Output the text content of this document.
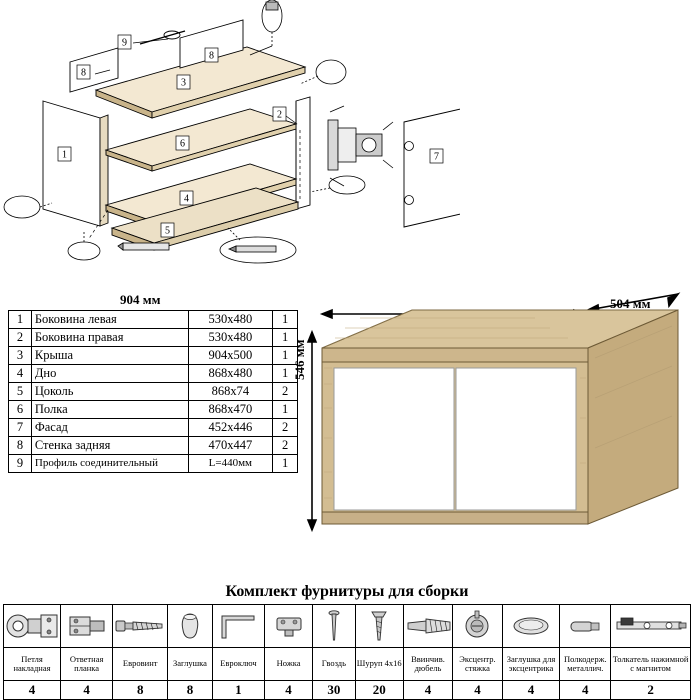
1
2
3
4
5
6
7
8
8
9
1	Боковина левая	530х480	1
2	Боковина правая	530х480	1
3	Крыша	904х500	1
4	Дно	868х480	1
5	Цоколь	868х74	2
6	Полка	868х470	1
7	Фасад	452х446	2
8	Стенка задняя	470х447	2
9	Профиль соединительный	L=440мм	1
904 мм	504 мм
546 мм
Комплект фурнитуры для сборки

Петля накладная	Ответная планка	Евровинт	Заглушка	Евроключ	Ножка	Гвоздь	Шуруп 4х16	Ввинчив. дюбель	Эксцентр. стяжка	Заглушка для эксцентрика	Полкодерж. металлич.	Толкатель нажимной с магнитом
4	4	8	8	1	4	30	20	4	4	4	4	2
